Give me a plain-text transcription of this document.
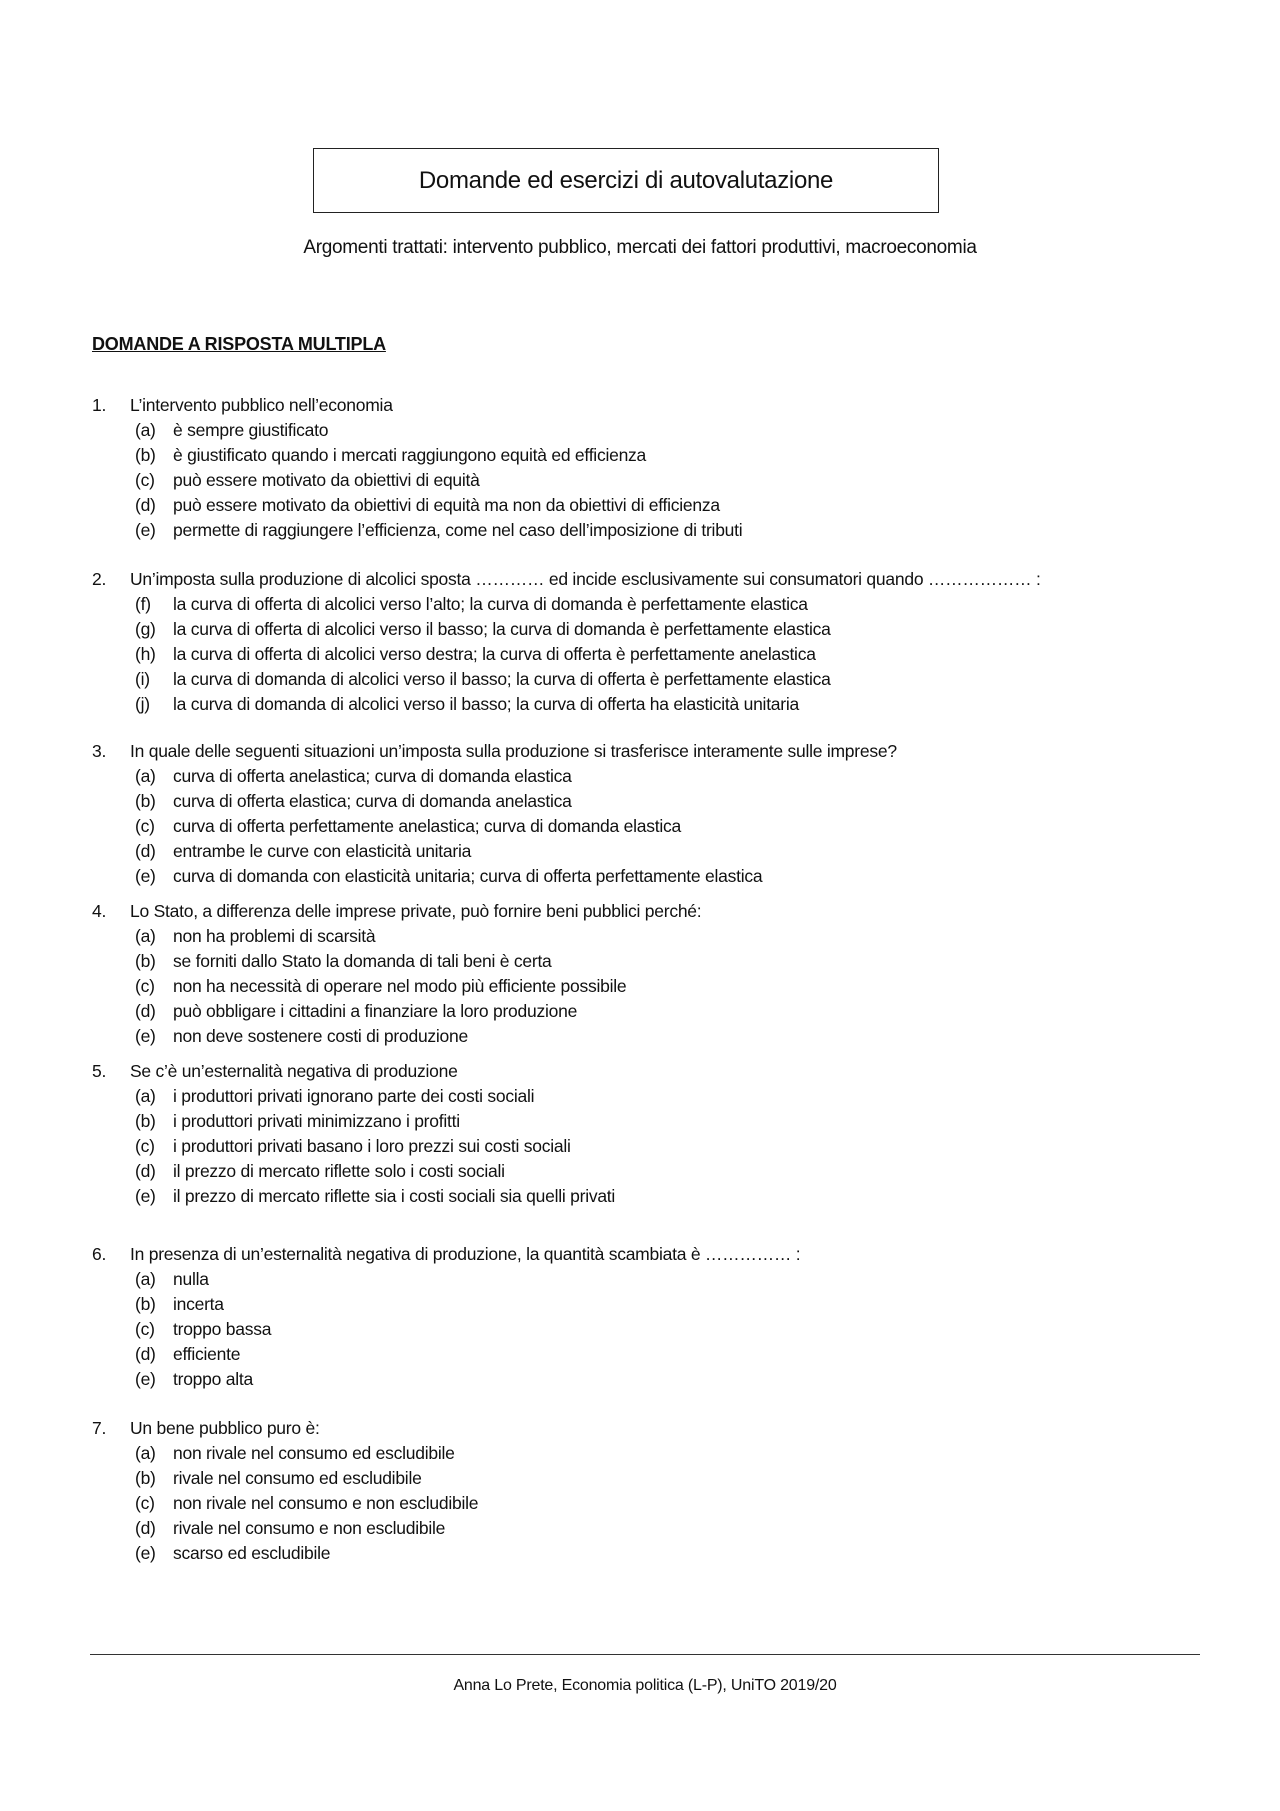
Domande ed esercizi di autovalutazione
Argomenti trattati: intervento pubblico, mercati dei fattori produttivi, macroeconomia
DOMANDE A RISPOSTA MULTIPLA
1.	L’intervento pubblico nell’economia
(a) è sempre giustificato
(b) è giustificato quando i mercati raggiungono equità ed efficienza
(c)	può essere motivato da obiettivi di equità
(d) può essere motivato da obiettivi di equità ma non da obiettivi di efficienza
(e) permette di raggiungere l’efficienza, come nel caso dell’imposizione di tributi
2.	Un’imposta sulla produzione di alcolici sposta ………… ed incide esclusivamente sui consumatori quando ……………… :
(f)	la curva di offerta di alcolici verso l’alto; la curva di domanda è perfettamente elastica
(g) la curva di offerta di alcolici verso il basso; la curva di domanda è perfettamente elastica
(h) la curva di offerta di alcolici verso destra; la curva di offerta è perfettamente anelastica
(i)	la curva di domanda di alcolici verso il basso; la curva di offerta è perfettamente elastica
(j)	la curva di domanda di alcolici verso il basso; la curva di offerta ha elasticità unitaria
3.	In quale delle seguenti situazioni un’imposta sulla produzione si trasferisce interamente sulle imprese?
(a) curva di offerta anelastica; curva di domanda elastica
(b) curva di offerta elastica; curva di domanda anelastica
(c)	curva di offerta perfettamente anelastica; curva di domanda elastica
(d) entrambe le curve con elasticità unitaria
(e) curva di domanda con elasticità unitaria; curva di offerta perfettamente elastica
4.	Lo Stato, a differenza delle imprese private, può fornire beni pubblici perché:
(a) non ha problemi di scarsità
(b) se forniti dallo Stato la domanda di tali beni è certa
(c)	non ha necessità di operare nel modo più efficiente possibile
(d) può obbligare i cittadini a finanziare la loro produzione
(e) non deve sostenere costi di produzione
5.	Se c’è un’esternalità negativa di produzione
(a) i produttori privati ignorano parte dei costi sociali
(b) i produttori privati minimizzano i profitti
(c)	i produttori privati basano i loro prezzi sui costi sociali
(d) il prezzo di mercato riflette solo i costi sociali
(e) il prezzo di mercato riflette sia i costi sociali sia quelli privati
6.	In presenza di un’esternalità negativa di produzione, la quantità scambiata è …………… :
(a) nulla
(b) incerta
(c)	troppo bassa
(d) efficiente
(e) troppo alta
7.	Un bene pubblico puro è:
(a) non rivale nel consumo ed escludibile
(b) rivale nel consumo ed escludibile
(c)	non rivale nel consumo e non escludibile
(d) rivale nel consumo e non escludibile
(e) scarso ed escludibile
Anna Lo Prete, Economia politica (L-P), UniTO 2019/20
